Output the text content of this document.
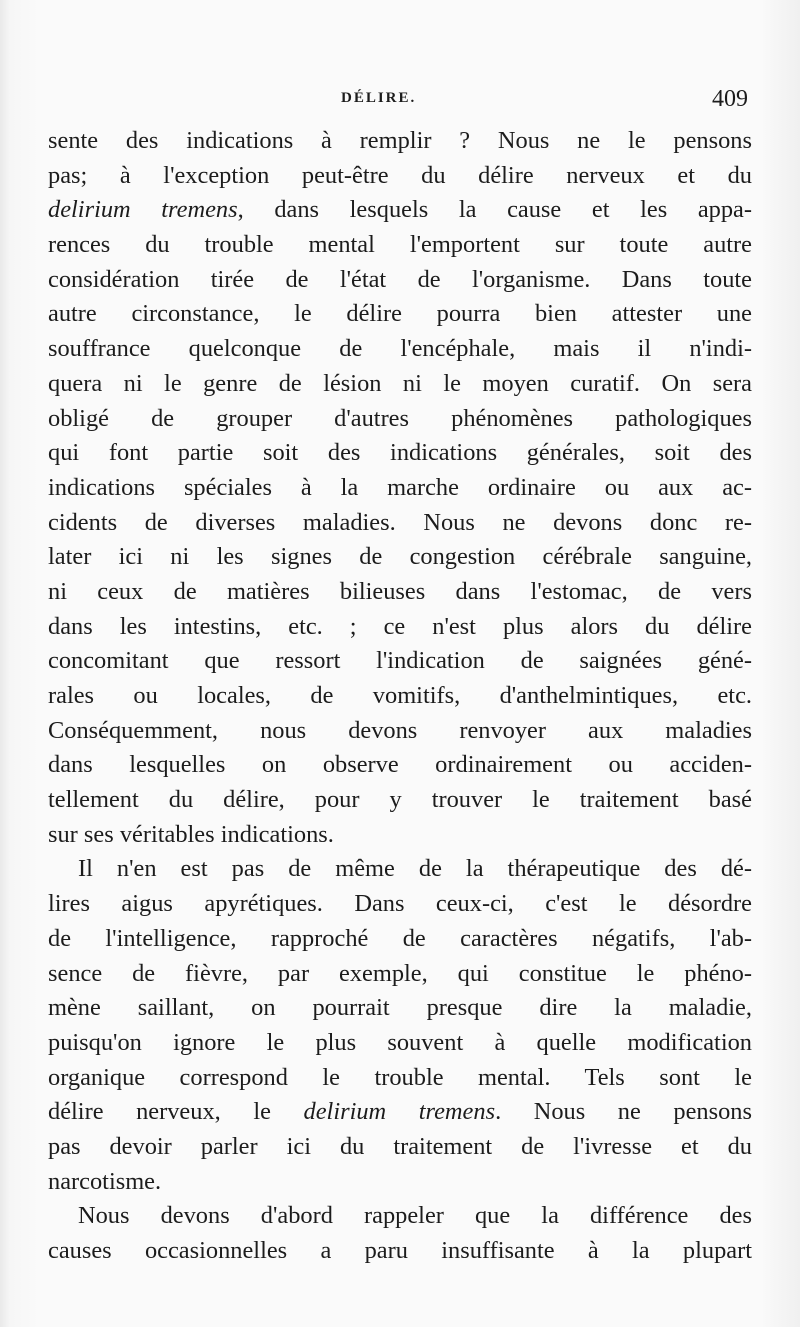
DÉLIRE.	409
sente des indications à remplir ? Nous ne le pensons
pas; à l'exception peut-être du délire nerveux et du
delirium tremens, dans lesquels la cause et les appa-
rences du trouble mental l'emportent sur toute autre
considération tirée de l'état de l'organisme. Dans toute
autre circonstance, le délire pourra bien attester une
souffrance quelconque de l'encéphale, mais il n'indi-
quera ni le genre de lésion ni le moyen curatif. On sera
obligé de grouper d'autres phénomènes pathologiques
qui font partie soit des indications générales, soit des
indications spéciales à la marche ordinaire ou aux ac-
cidents de diverses maladies. Nous ne devons donc re-
later ici ni les signes de congestion cérébrale sanguine,
ni ceux de matières bilieuses dans l'estomac, de vers
dans les intestins, etc. ; ce n'est plus alors du délire
concomitant que ressort l'indication de saignées géné-
rales ou locales, de vomitifs, d'anthelmintiques, etc.
Conséquemment, nous devons renvoyer aux maladies
dans lesquelles on observe ordinairement ou acciden-
tellement du délire, pour y trouver le traitement basé
sur ses véritables indications.
Il n'en est pas de même de la thérapeutique des dé-
lires aigus apyrétiques. Dans ceux-ci, c'est le désordre
de l'intelligence, rapproché de caractères négatifs, l'ab-
sence de fièvre, par exemple, qui constitue le phéno-
mène saillant, on pourrait presque dire la maladie,
puisqu'on ignore le plus souvent à quelle modification
organique correspond le trouble mental. Tels sont le
délire nerveux, le delirium tremens. Nous ne pensons
pas devoir parler ici du traitement de l'ivresse et du
narcotisme.
Nous devons d'abord rappeler que la différence des
causes occasionnelles a paru insuffisante à la plupart
